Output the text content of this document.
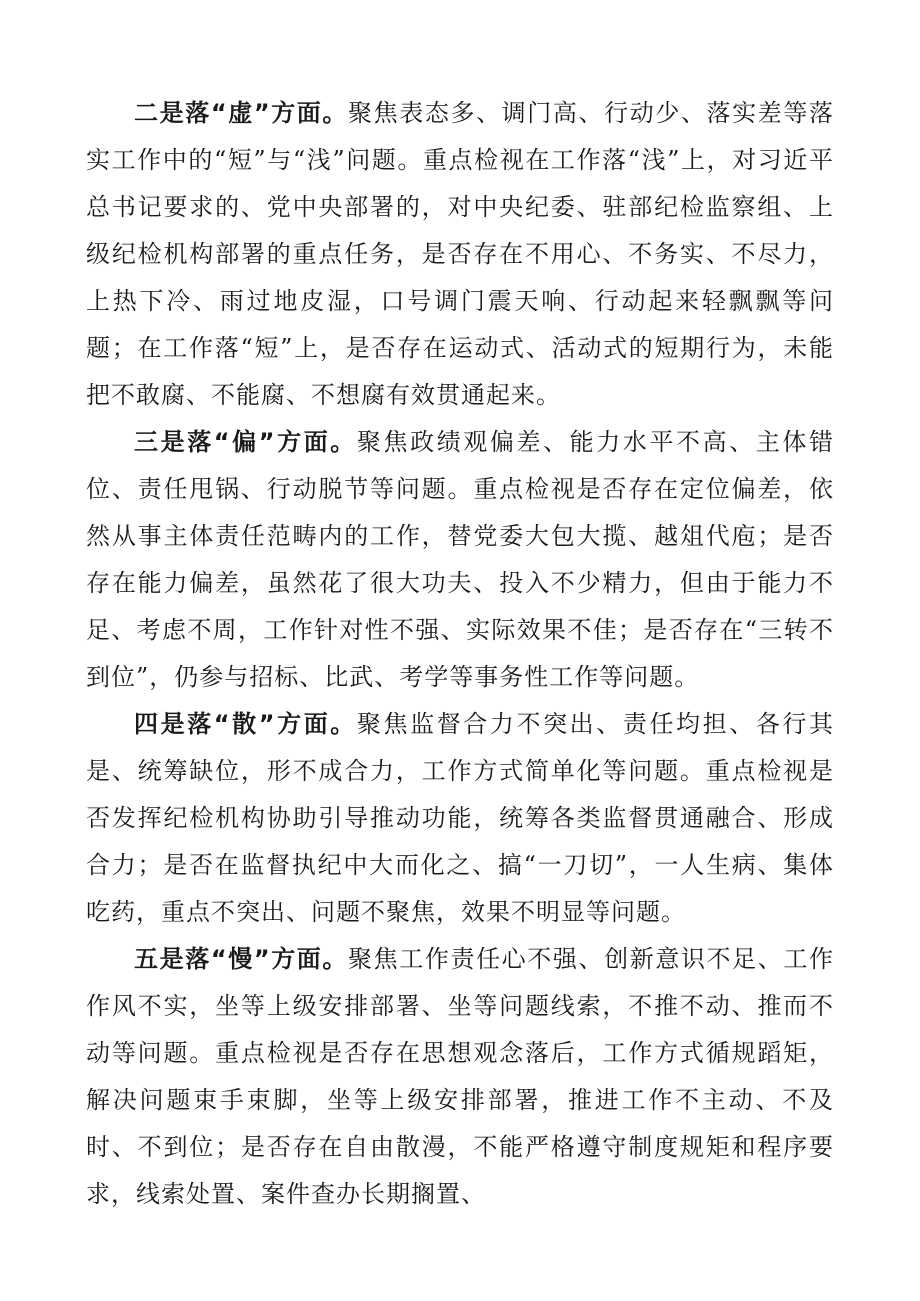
二是落“虚”方面。聚焦表态多、调门高、行动少、落实差等落实工作中的“短”与“浅”问题。重点检视在工作落“浅”上，对习近平总书记要求的、党中央部署的，对中央纪委、驻部纪检监察组、上级纪检机构部署的重点任务，是否存在不用心、不务实、不尽力，上热下冷、雨过地皮湿，口号调门震天响、行动起来轻飘飘等问题；在工作落“短”上，是否存在运动式、活动式的短期行为，未能把不敢腐、不能腐、不想腐有效贯通起来。

三是落“偏”方面。聚焦政绩观偏差、能力水平不高、主体错位、责任甩锅、行动脱节等问题。重点检视是否存在定位偏差，依然从事主体责任范畴内的工作，替党委大包大揽、越俎代庖；是否存在能力偏差，虽然花了很大功夫、投入不少精力，但由于能力不足、考虑不周，工作针对性不强、实际效果不佳；是否存在“三转不到位”，仍参与招标、比武、考学等事务性工作等问题。

四是落“散”方面。聚焦监督合力不突出、责任均担、各行其是、统筹缺位，形不成合力，工作方式简单化等问题。重点检视是否发挥纪检机构协助引导推动功能，统筹各类监督贯通融合、形成合力；是否在监督执纪中大而化之、搞“一刀切”，一人生病、集体吃药，重点不突出、问题不聚焦，效果不明显等问题。

五是落“慢”方面。聚焦工作责任心不强、创新意识不足、工作作风不实，坐等上级安排部署、坐等问题线索，不推不动、推而不动等问题。重点检视是否存在思想观念落后，工作方式循规蹈矩，解决问题束手束脚，坐等上级安排部署，推进工作不主动、不及时、不到位；是否存在自由散漫，不能严格遵守制度规矩和程序要求，线索处置、案件查办长期搁置、
